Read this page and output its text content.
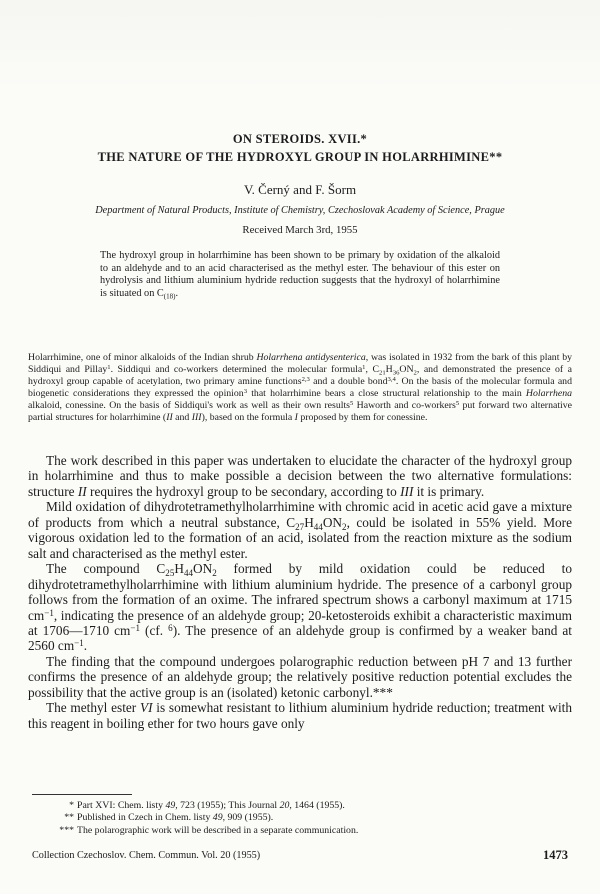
ON STEROIDS. XVII.*
THE NATURE OF THE HYDROXYL GROUP IN HOLARRHIMINE**
V. Černý and F. Šorm
Department of Natural Products, Institute of Chemistry, Czechoslovak Academy of Science, Prague
Received March 3rd, 1955

The hydroxyl group in holarrhimine has been shown to be primary by oxidation of the alkaloid to an aldehyde and to an acid characterised as the methyl ester. The behaviour of this ester on hydrolysis and lithium aluminium hydride reduction suggests that the hydroxyl of holarrhimine is situated on $C_{(18)}$.

Holarrhimine, one of minor alkaloids of the Indian shrub Holarrhena antidysenterica, was isolated in 1932 from the bark of this plant by Siddiqui and Pillay$^1$. Siddiqui and co-workers determined the molecular formula$^1$, $C_{21}H_{36}ON_2$, and demonstrated the presence of a hydroxyl group capable of acetylation, two primary amine functions$^{2,3}$ and a double bond$^{3,4}$. On the basis of the molecular formula and biogenetic considerations they expressed the opinion$^3$ that holarrhimine bears a close structural relationship to the main Holarrhena alkaloid, conessine. On the basis of Siddiqui's work as well as their own results$^5$ Haworth and co-workers$^5$ put forward two alternative partial structures for holarrhimine (II and III), based on the formula I proposed by them for conessine.

The work described in this paper was undertaken to elucidate the character of the hydroxyl group in holarrhimine and thus to make possible a decision between the two alternative formulations: structure II requires the hydroxyl group to be secondary, according to III it is primary.

Mild oxidation of dihydrotetramethylholarrhimine with chromic acid in acetic acid gave a mixture of products from which a neutral substance, $C_{27}H_{44}ON_2$, could be isolated in 55% yield. More vigorous oxidation led to the formation of an acid, isolated from the reaction mixture as the sodium salt and characterised as the methyl ester.

The compound $C_{25}H_{44}ON_2$ formed by mild oxidation could be reduced to dihydrotetramethylholarrhimine with lithium aluminium hydride. The presence of a carbonyl group follows from the formation of an oxime. The infrared spectrum shows a carbonyl maximum at 1715 $cm^{-1}$, indicating the presence of an aldehyde group; 20-ketosteroids exhibit a characteristic maximum at 1706—1710 $cm^{-1}$ (cf. $^6$). The presence of an aldehyde group is confirmed by a weaker band at 2560 $cm^{-1}$.

The finding that the compound undergoes polarographic reduction between pH 7 and 13 further confirms the presence of an aldehyde group; the relatively positive reduction potential excludes the possibility that the active group is an (isolated) ketonic carbonyl.***

The methyl ester VI is somewhat resistant to lithium aluminium hydride reduction; treatment with this reagent in boiling ether for two hours gave only

* Part XVI: Chem. listy 49, 723 (1955); This Journal 20, 1464 (1955).
** Published in Czech in Chem. listy 49, 909 (1955).
*** The polarographic work will be described in a separate communication.
Collection Czechoslov. Chem. Commun. Vol. 20 (1955)	1473
